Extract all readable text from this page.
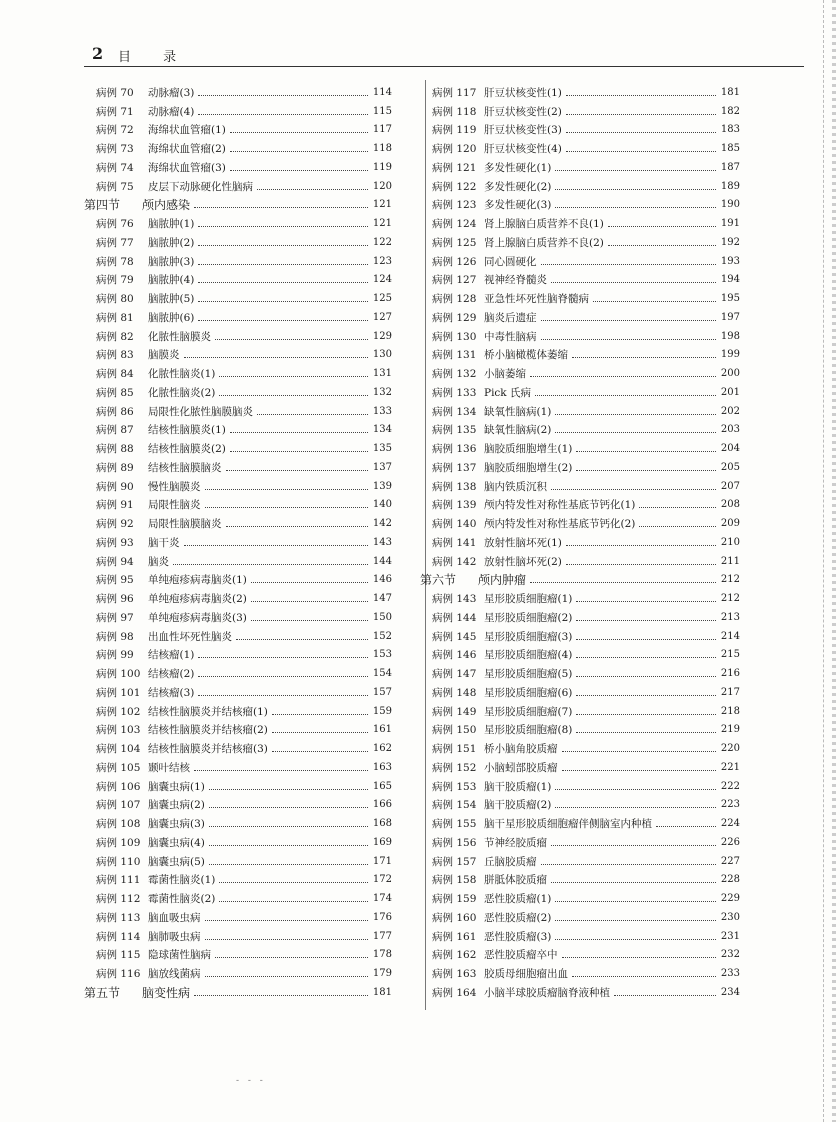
2 目 录
病例 70	动脉瘤(3)	114
病例 71	动脉瘤(4)	115
病例 72	海绵状血管瘤(1)	117
病例 73	海绵状血管瘤(2)	118
病例 74	海绵状血管瘤(3)	119
病例 75	皮层下动脉硬化性脑病	120
第四节	颅内感染	121
病例 76	脑脓肿(1)	121
病例 77	脑脓肿(2)	122
病例 78	脑脓肿(3)	123
病例 79	脑脓肿(4)	124
病例 80	脑脓肿(5)	125
病例 81	脑脓肿(6)	127
病例 82	化脓性脑膜炎	129
病例 83	脑膜炎	130
病例 84	化脓性脑炎(1)	131
病例 85	化脓性脑炎(2)	132
病例 86	局限性化脓性脑膜脑炎	133
病例 87	结核性脑膜炎(1)	134
病例 88	结核性脑膜炎(2)	135
病例 89	结核性脑膜脑炎	137
病例 90	慢性脑膜炎	139
病例 91	局限性脑炎	140
病例 92	局限性脑膜脑炎	142
病例 93	脑干炎	143
病例 94	脑炎	144
病例 95	单纯疱疹病毒脑炎(1)	146
病例 96	单纯疱疹病毒脑炎(2)	147
病例 97	单纯疱疹病毒脑炎(3)	150
病例 98	出血性坏死性脑炎	152
病例 99	结核瘤(1)	153
病例 100 结核瘤(2)	154
病例 101 结核瘤(3)	157
病例 102 结核性脑膜炎并结核瘤(1)	159
病例 103 结核性脑膜炎并结核瘤(2)	161
病例 104 结核性脑膜炎并结核瘤(3)	162
病例 105 颞叶结核	163
病例 106 脑囊虫病(1)	165
病例 107 脑囊虫病(2)	166
病例 108 脑囊虫病(3)	168
病例 109 脑囊虫病(4)	169
病例 110 脑囊虫病(5)	171
病例 111 霉菌性脑炎(1)	172
病例 112 霉菌性脑炎(2)	174
病例 113 脑血吸虫病	176
病例 114 脑肺吸虫病	177
病例 115 隐球菌性脑病	178
病例 116 脑放线菌病	179
第五节	脑变性病	181
病例 117 肝豆状核变性(1)	181
病例 118 肝豆状核变性(2)	182
病例 119 肝豆状核变性(3)	183
病例 120 肝豆状核变性(4)	185
病例 121 多发性硬化(1)	187
病例 122 多发性硬化(2)	189
病例 123 多发性硬化(3)	190
病例 124 肾上腺脑白质营养不良(1)	191
病例 125 肾上腺脑白质营养不良(2)	192
病例 126 同心圆硬化	193
病例 127 视神经脊髓炎	194
病例 128 亚急性坏死性脑脊髓病	195
病例 129 脑炎后遗症	197
病例 130 中毒性脑病	198
病例 131 桥小脑橄榄体萎缩	199
病例 132 小脑萎缩	200
病例 133 Pick 氏病	201
病例 134 缺氧性脑病(1)	202
病例 135 缺氧性脑病(2)	203
病例 136 脑胶质细胞增生(1)	204
病例 137 脑胶质细胞增生(2)	205
病例 138 脑内铁质沉积	207
病例 139 颅内特发性对称性基底节钙化(1)	208
病例 140 颅内特发性对称性基底节钙化(2)	209
病例 141 放射性脑坏死(1)	210
病例 142 放射性脑坏死(2)	211
第六节	颅内肿瘤	212
病例 143 星形胶质细胞瘤(1)	212
病例 144 星形胶质细胞瘤(2)	213
病例 145 星形胶质细胞瘤(3)	214
病例 146 星形胶质细胞瘤(4)	215
病例 147 星形胶质细胞瘤(5)	216
病例 148 星形胶质细胞瘤(6)	217
病例 149 星形胶质细胞瘤(7)	218
病例 150 星形胶质细胞瘤(8)	219
病例 151 桥小脑角胶质瘤	220
病例 152 小脑蚓部胶质瘤	221
病例 153 脑干胶质瘤(1)	222
病例 154 脑干胶质瘤(2)	223
病例 155 脑干星形胶质细胞瘤伴侧脑室内种植	224
病例 156 节神经胶质瘤	226
病例 157 丘脑胶质瘤	227
病例 158 胼胝体胶质瘤	228
病例 159 恶性胶质瘤(1)	229
病例 160 恶性胶质瘤(2)	230
病例 161 恶性胶质瘤(3)	231
病例 162 恶性胶质瘤卒中	232
病例 163 胶质母细胞瘤出血	233
病例 164 小脑半球胶质瘤脑脊液种植	234
- - -
